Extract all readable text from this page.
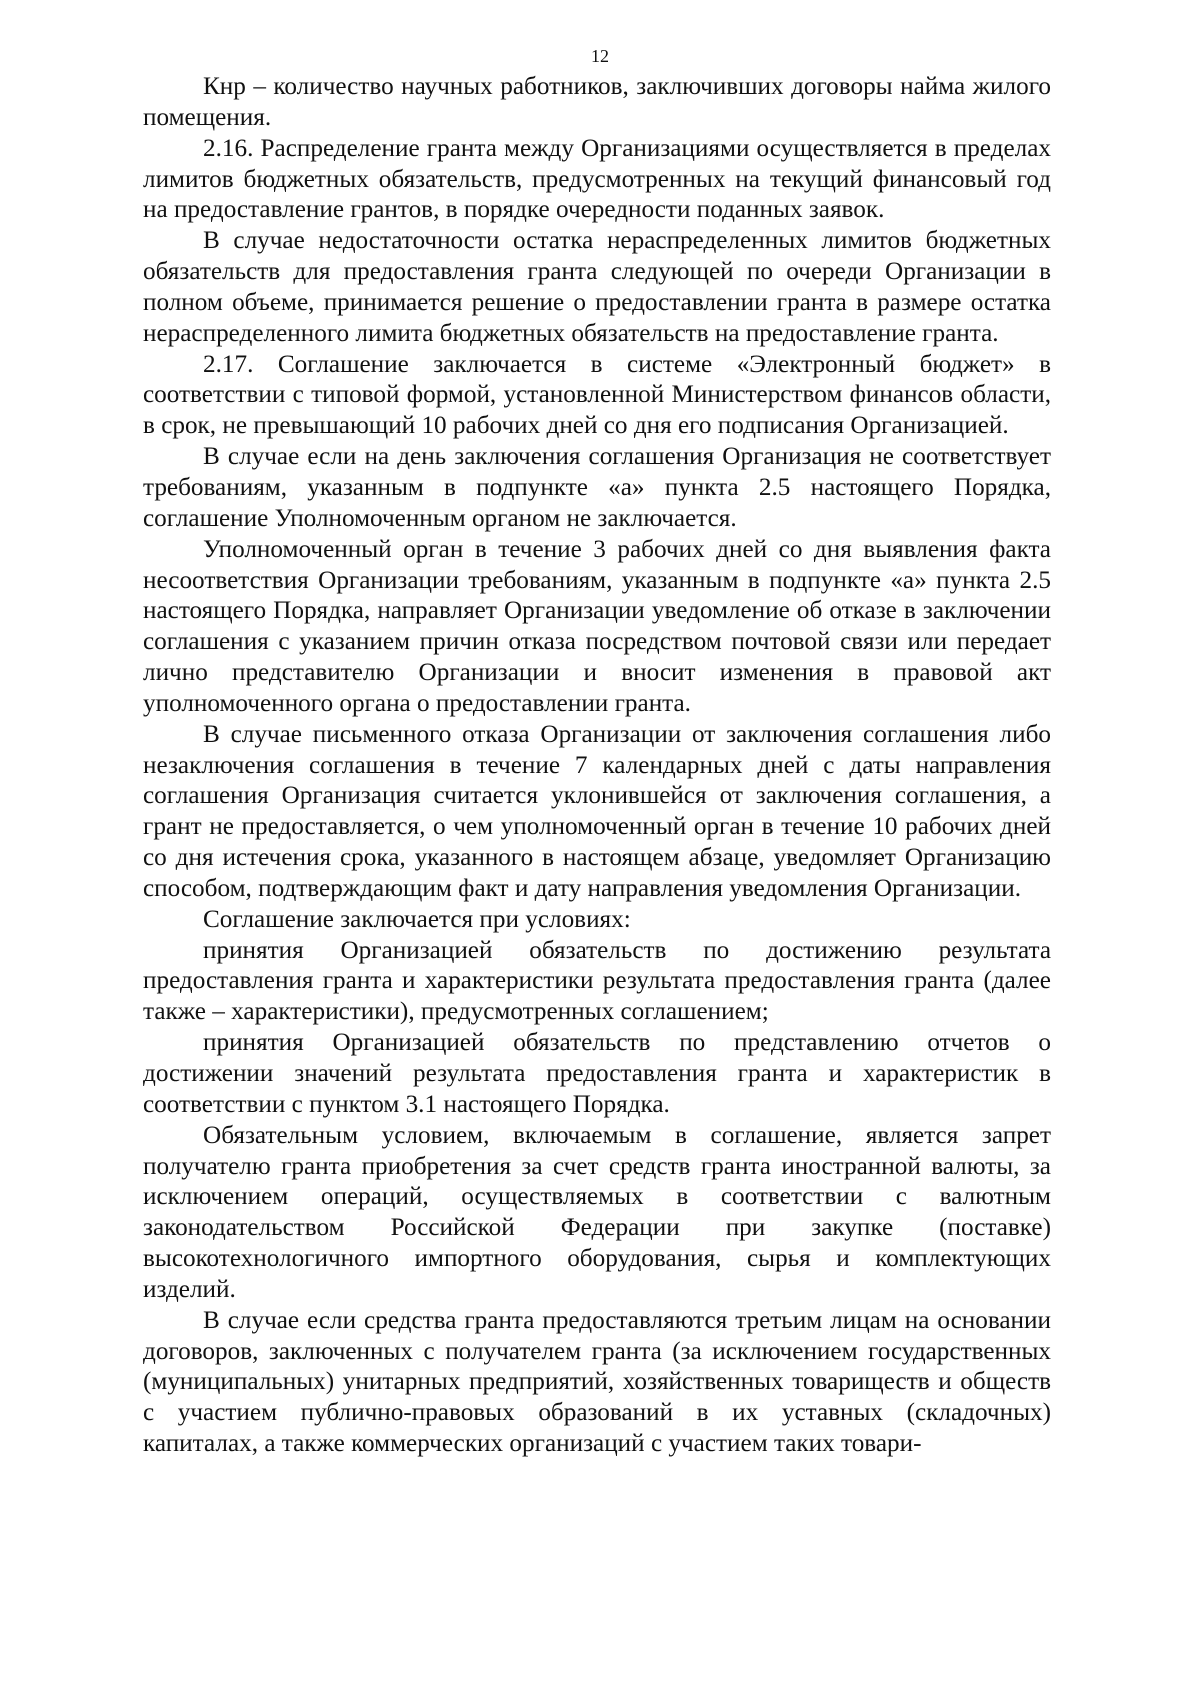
12

Кнр – количество научных работников, заключивших договоры найма жилого помещения.

2.16. Распределение гранта между Организациями осуществляется в пределах лимитов бюджетных обязательств, предусмотренных на текущий финансовый год на предоставление грантов, в порядке очередности поданных заявок.

В случае недостаточности остатка нераспределенных лимитов бюджетных обязательств для предоставления гранта следующей по очереди Организации в полном объеме, принимается решение о предоставлении гранта в размере остатка нераспределенного лимита бюджетных обязательств на предоставление гранта.

2.17. Соглашение заключается в системе «Электронный бюджет» в соответствии с типовой формой, установленной Министерством финансов области, в срок, не превышающий 10 рабочих дней со дня его подписания Организацией.

В случае если на день заключения соглашения Организация не соответствует требованиям, указанным в подпункте «а» пункта 2.5 настоящего Порядка, соглашение Уполномоченным органом не заключается.

Уполномоченный орган в течение 3 рабочих дней со дня выявления факта несоответствия Организации требованиям, указанным в подпункте «а» пункта 2.5 настоящего Порядка, направляет Организации уведомление об отказе в заключении соглашения с указанием причин отказа посредством почтовой связи или передает лично представителю Организации и вносит изменения в правовой акт уполномоченного органа о предоставлении гранта.

В случае письменного отказа Организации от заключения соглашения либо незаключения соглашения в течение 7 календарных дней с даты направления соглашения Организация считается уклонившейся от заключения соглашения, а грант не предоставляется, о чем уполномоченный орган в течение 10 рабочих дней со дня истечения срока, указанного в настоящем абзаце, уведомляет Организацию способом, подтверждающим факт и дату направления уведомления Организации.

Соглашение заключается при условиях:

принятия Организацией обязательств по достижению результата предоставления гранта и характеристики результата предоставления гранта (далее также – характеристики), предусмотренных соглашением;

принятия Организацией обязательств по представлению отчетов о достижении значений результата предоставления гранта и характеристик в соответствии с пунктом 3.1 настоящего Порядка.

Обязательным условием, включаемым в соглашение, является запрет получателю гранта приобретения за счет средств гранта иностранной валюты, за исключением операций, осуществляемых в соответствии с валютным законодательством Российской Федерации при закупке (поставке) высокотехнологичного импортного оборудования, сырья и комплектующих изделий.

В случае если средства гранта предоставляются третьим лицам на основании договоров, заключенных с получателем гранта (за исключением государственных (муниципальных) унитарных предприятий, хозяйственных товариществ и обществ с участием публично-правовых образований в их уставных (складочных) капиталах, а также коммерческих организаций с участием таких товари-
